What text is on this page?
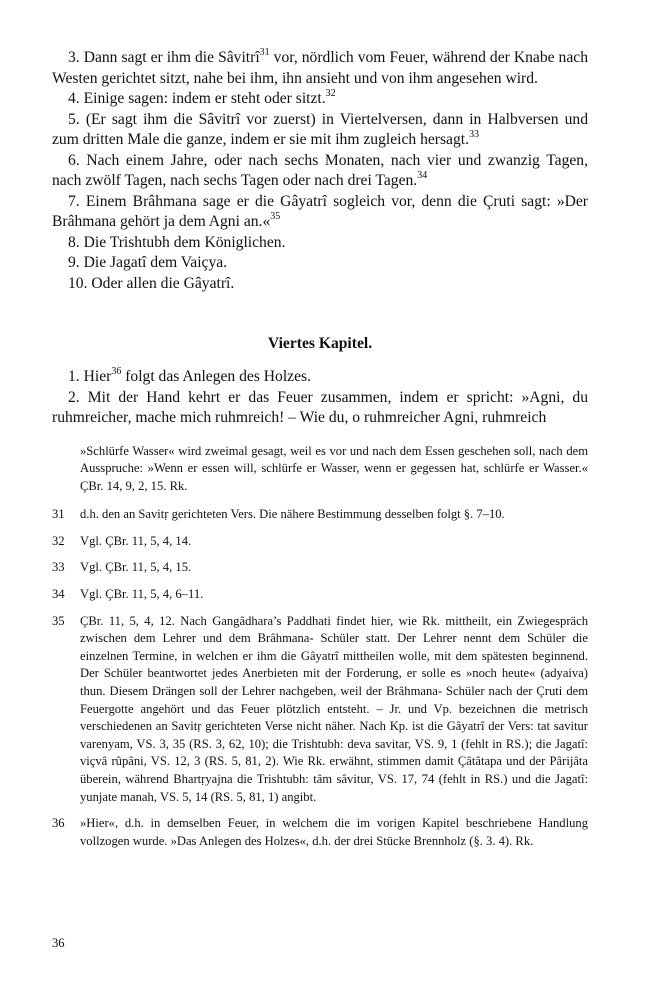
3. Dann sagt er ihm die Sâvitrî$^{31}$ vor, nördlich vom Feuer, während der Knabe nach Westen gerichtet sitzt, nahe bei ihm, ihn ansieht und von ihm angesehen wird.

4. Einige sagen: indem er steht oder sitzt.$^{32}$

5. (Er sagt ihm die Sâvitrî vor zuerst) in Viertelversen, dann in Halbversen und zum dritten Male die ganze, indem er sie mit ihm zugleich hersagt.$^{33}$

6. Nach einem Jahre, oder nach sechs Monaten, nach vier und zwanzig Tagen, nach zwölf Tagen, nach sechs Tagen oder nach drei Tagen.$^{34}$

7. Einem Brâhmana sage er die Gâyatrî sogleich vor, denn die Çruti sagt: »Der Brâhmana gehört ja dem Agni an.«$^{35}$

8. Die Trishtubh dem Königlichen.

9. Die Jagatî dem Vaiçya.

10. Oder allen die Gâyatrî.

Viertes Kapitel.

1. Hier$^{36}$ folgt das Anlegen des Holzes.

2. Mit der Hand kehrt er das Feuer zusammen, indem er spricht: »Agni, du ruhmreicher, mache mich ruhmreich! – Wie du, o ruhmreicher Agni, ruhmreich

»Schlürfe Wasser« wird zweimal gesagt, weil es vor und nach dem Essen geschehen soll, nach dem Ausspruche: »Wenn er essen will, schlürfe er Wasser, wenn er gegessen hat, schlürfe er Wasser.« ÇBr. 14, 9, 2, 15. Rk.
31	d.h. den an Savitṛ gerichteten Vers. Die nähere Bestimmung desselben folgt §. 7–10.
32	Vgl. ÇBr. 11, 5, 4, 14.
33	Vgl. ÇBr. 11, 5, 4, 15.
34	Vgl. ÇBr. 11, 5, 4, 6–11.
35	ÇBr. 11, 5, 4, 12. Nach Gangâdhara’s Paddhati findet hier, wie Rk. mittheilt, ein Zwiegespräch zwischen dem Lehrer und dem Brâhmana- Schüler statt. Der Lehrer nennt dem Schüler die einzelnen Termine, in welchen er ihm die Gâyatrî mittheilen wolle, mit dem spätesten beginnend. Der Schüler beantwortet jedes Anerbieten mit der Forderung, er solle es »noch heute« (adyaiva) thun. Diesem Drängen soll der Lehrer nachgeben, weil der Brâhmana- Schüler nach der Çruti dem Feuergotte angehört und das Feuer plötzlich entsteht. – Jr. und Vp. bezeichnen die metrisch verschiedenen an Savitṛ gerichteten Verse nicht näher. Nach Kp. ist die Gâyatrî der Vers: tat savitur varenyam, VS. 3, 35 (RS. 3, 62, 10); die Trishtubh: deva savitar, VS. 9, 1 (fehlt in RS.); die Jagatî: viçvâ rûpâni, VS. 12, 3 (RS. 5, 81, 2). Wie Rk. erwähnt, stimmen damit Çâtâtapa und der Pârijâta überein, während Bhartṛyajna die Trishtubh: tâm sâvitur, VS. 17, 74 (fehlt in RS.) und die Jagatî: yunjate manah, VS. 5, 14 (RS. 5, 81, 1) angibt.
36	»Hier«, d.h. in demselben Feuer, in welchem die im vorigen Kapitel beschriebene Handlung vollzogen wurde. »Das Anlegen des Holzes«, d.h. der drei Stücke Brennholz (§. 3. 4). Rk.
36
